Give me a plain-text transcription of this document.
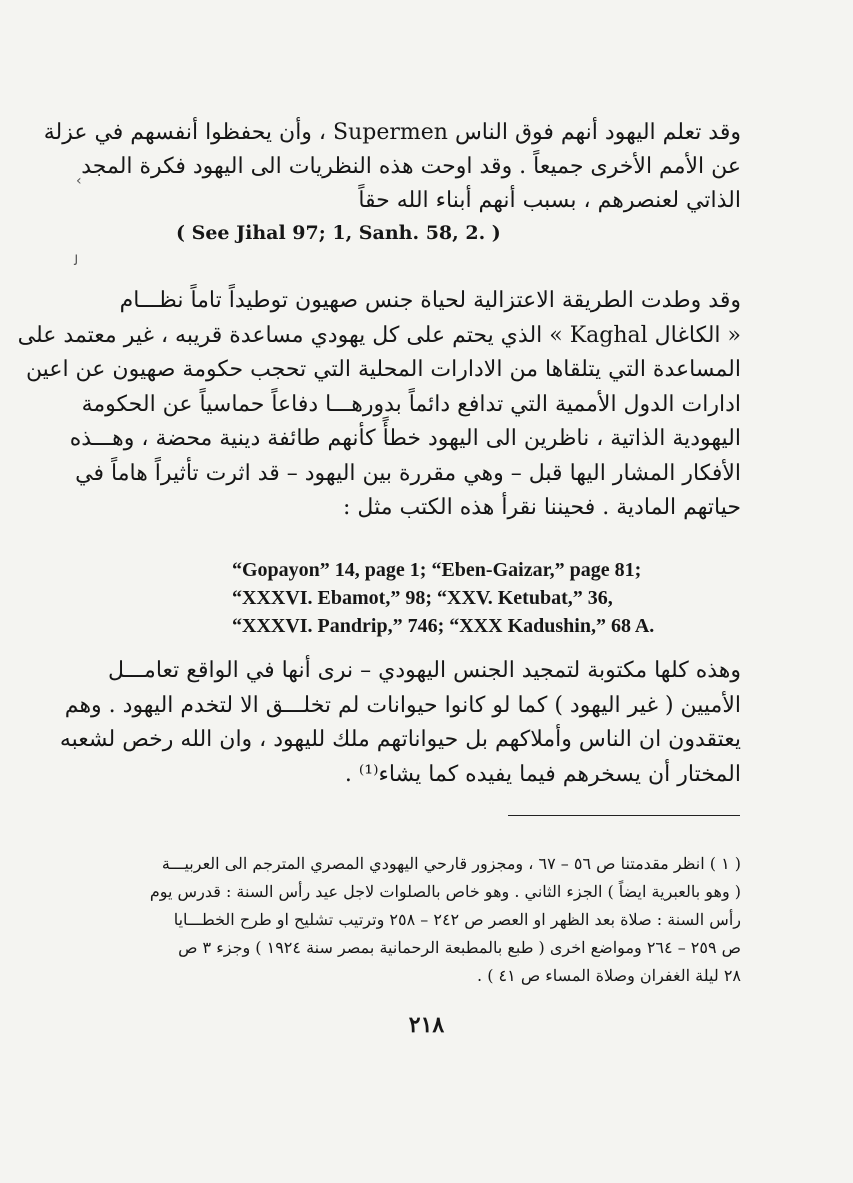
وقد تعلم اليهود أنهم فوق الناس Supermen ، وأن يحفظوا أنفسهم في عزلة
عن الأمم الأخرى جميعاً . وقد اوحت هذه النظريات الى اليهود فكرة المجد
الذاتي لعنصرهم ، بسبب أنهم أبناء الله حقاً
( See Jihal 97; 1, Sanh. 58, 2. )
وقد وطدت الطريقة الاعتزالية لحياة جنس صهيون توطيداً تاماً نظـــام
« الكاغال Kaghal » الذي يحتم على كل يهودي مساعدة قريبه ، غير معتمد على
المساعدة التي يتلقاها من الادارات المحلية التي تحجب حكومة صهيون عن اعين
ادارات الدول الأممية التي تدافع دائماً بدورهـــا دفاعاً حماسياً عن الحكومة
اليهودية الذاتية ، ناظرين الى اليهود خطأً كأنهم طائفة دينية محضة ، وهـــذه
الأفكار المشار اليها قبل – وهي مقررة بين اليهود – قد اثرت تأثيراً هاماً في
حياتهم المادية . فحيننا نقرأ هذه الكتب مثل :
“Gopayon” 14, page 1; “Eben-Gaizar,” page 81;
“XXXVI. Ebamot,” 98; “XXV. Ketubat,” 36,
“XXXVI. Pandrip,” 746; “XXX Kadushin,” 68 A.
وهذه كلها مكتوبة لتمجيد الجنس اليهودي – نرى أنها في الواقع تعامـــل
الأميين ( غير اليهود ) كما لو كانوا حيوانات لم تخلـــق الا لتخدم اليهود . وهم
يعتقدون ان الناس وأملاكهم بل حيواناتهم ملك لليهود ، وان الله رخص لشعبه
المختار أن يسخرهم فيما يفيده كما يشاء⁽¹⁾ .
( ١ ) انظر مقدمتنا ص ٥٦ – ٦٧ ، ومجزور قارحي اليهودي المصري المترجم الى العربيـــة
( وهو بالعبرية ايضاً ) الجزء الثاني . وهو خاص بالصلوات لاجل عيد رأس السنة : قدرس يوم
رأس السنة : صلاة بعد الظهر او العصر ص ٢٤٢ – ٢٥٨ وترتيب تشليح او طرح الخطـــايا
ص ٢٥٩ – ٢٦٤ ومواضع اخرى ( طبع بالمطبعة الرحمانية بمصر سنة ١٩٢٤ ) وجزء ٣ ص
٢٨ ليلة الغفران وصلاة المساء ص ٤١ ) .
٢١٨
‹
ﻟ
